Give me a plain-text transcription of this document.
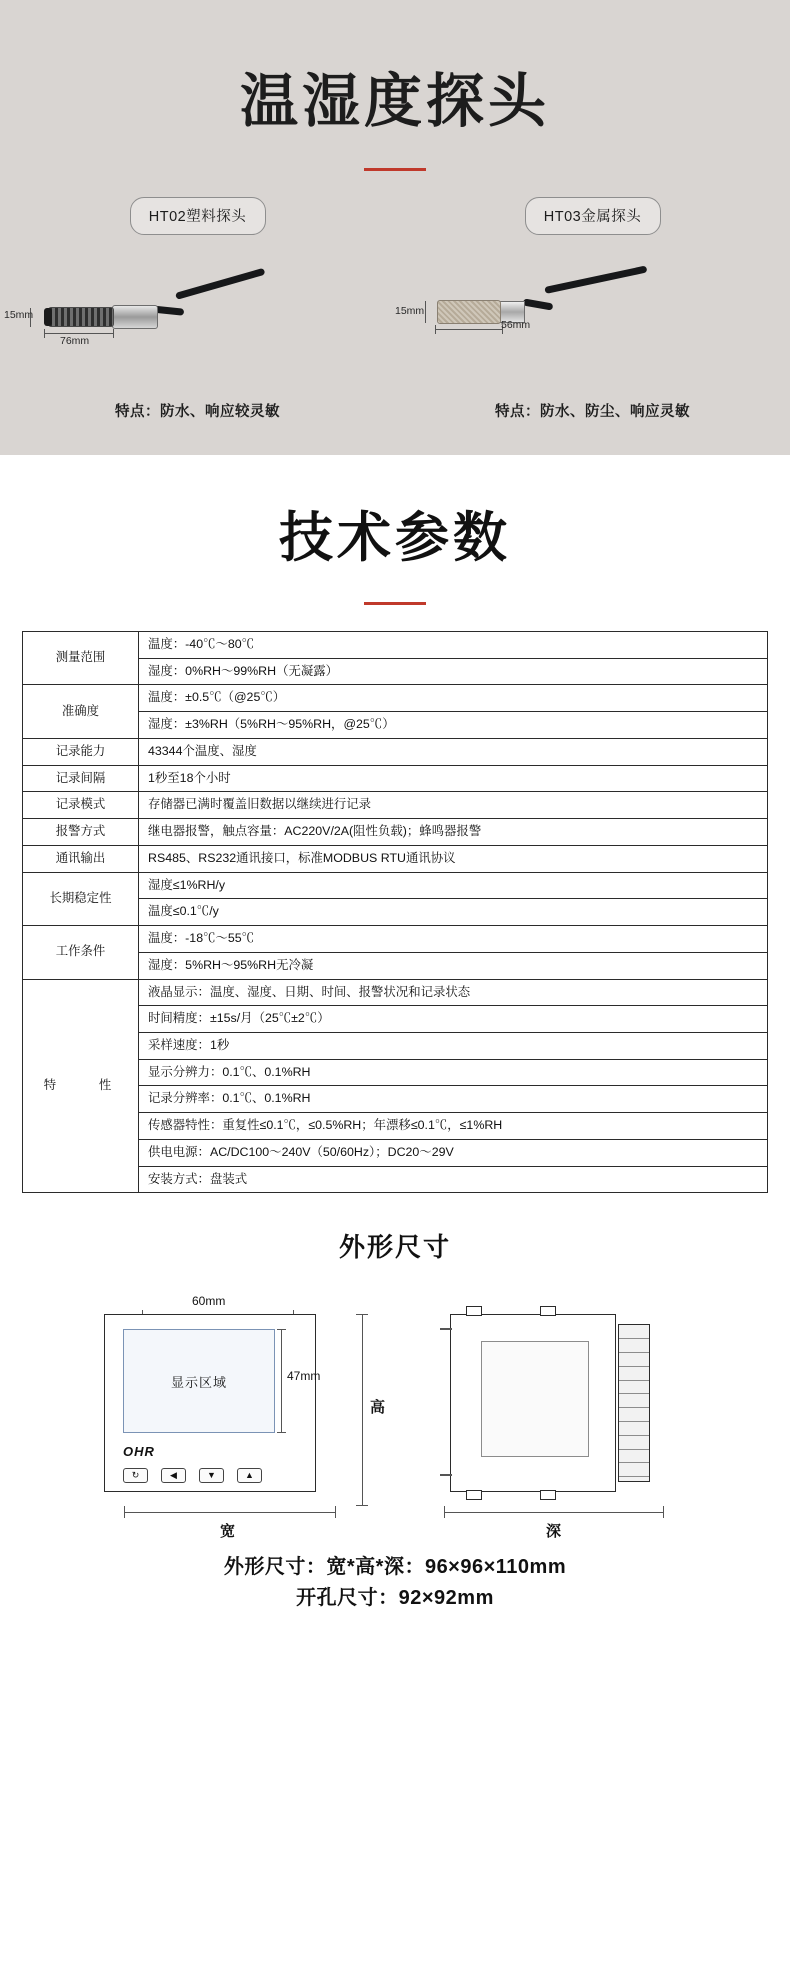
温湿度探头
HT02塑料探头
76mm
15mm
特点：防水、响应较灵敏
HT03金属探头
56mm
15mm
特点：防水、防尘、响应灵敏
技术参数
测量范围	温度：-40℃～80℃
	湿度：0%RH～99%RH（无凝露）
准确度	温度：±0.5℃（@25℃）
	湿度：±3%RH（5%RH～95%RH，@25℃）
记录能力	43344个温度、湿度
记录间隔	1秒至18个小时
记录模式	存储器已满时覆盖旧数据以继续进行记录
报警方式	继电器报警，触点容量：AC220V/2A(阻性负载)；蜂鸣器报警
通讯输出	RS485、RS232通讯接口，标准MODBUS RTU通讯协议
长期稳定性	湿度≤1%RH/y
	温度≤0.1℃/y
工作条件	温度：-18℃～55℃
	湿度：5%RH～95%RH无冷凝
特　　性	液晶显示：温度、湿度、日期、时间、报警状况和记录状态
	时间精度：±15s/月（25℃±2℃）
	采样速度：1秒
	显示分辨力：0.1℃、0.1%RH
	记录分辨率：0.1℃、0.1%RH
	传感器特性：重复性≤0.1℃，≤0.5%RH；年漂移≤0.1℃，≤1%RH
	供电电源：AC/DC100～240V（50/60Hz）；DC20～29V
	安装方式：盘装式
外形尺寸
60mm
显示区域
OHR
↻	◀	▼	▲
47mm
宽
高
深
外形尺寸：宽*高*深：96×96×110mm
开孔尺寸：92×92mm
